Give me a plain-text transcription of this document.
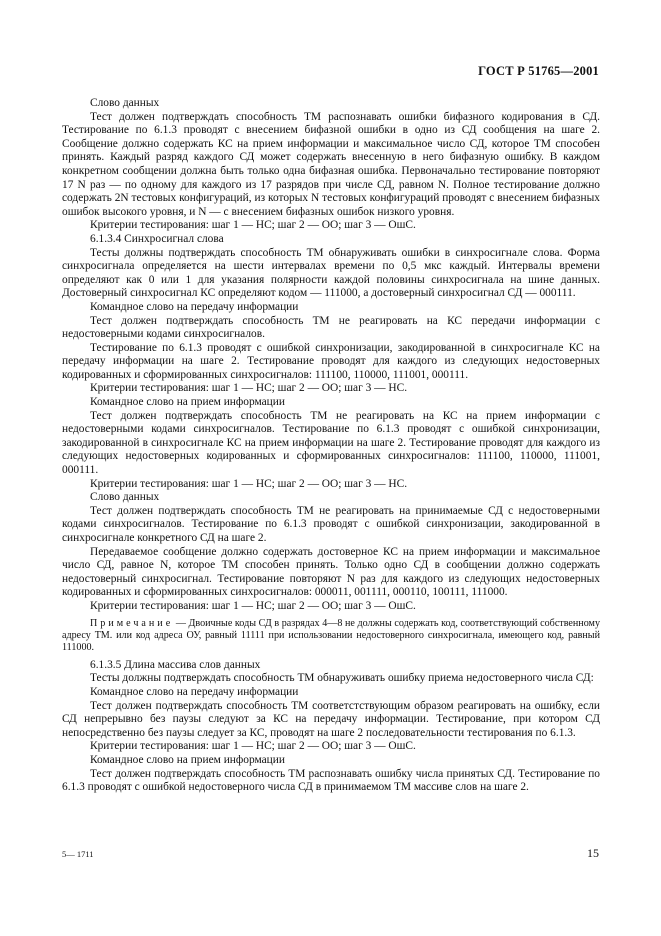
ГОСТ Р 51765—2001

Слово данных

Тест должен подтверждать способность ТМ распознавать ошибки бифазного кодирования в СД. Тестирование по 6.1.3 проводят с внесением бифазной ошибки в одно из СД сообщения на шаге 2. Сообщение должно содержать КС на прием информации и максимальное число СД, которое ТМ способен принять. Каждый разряд каждого СД может содержать внесенную в него бифазную ошибку. В каждом конкретном сообщении должна быть только одна бифазная ошибка. Первоначально тестирование повторяют 17 N раз — по одному для каждого из 17 разрядов при числе СД, равном N. Полное тестирование должно содержать 2N тестовых конфигураций, из которых N тестовых конфигураций проводят с внесением бифазных ошибок высокого уровня, и N — с внесением бифазных ошибок низкого уровня.

Критерии тестирования: шаг 1 — НС; шаг 2 — ОО; шаг 3 — ОшС.

6.1.3.4 Синхросигнал слова

Тесты должны подтверждать способность ТМ обнаруживать ошибки в синхросигнале слова. Форма синхросигнала определяется на шести интервалах времени по 0,5 мкс каждый. Интервалы времени определяют как 0 или 1 для указания полярности каждой половины синхросигнала на шине данных. Достоверный синхросигнал КС определяют кодом — 111000, а достоверный синхросигнал СД — 000111.

Командное слово на передачу информации

Тест должен подтверждать способность ТМ не реагировать на КС передачи информации с недостоверными кодами синхросигналов.

Тестирование по 6.1.3 проводят с ошибкой синхронизации, закодированной в синхросигнале КС на передачу информации на шаге 2. Тестирование проводят для каждого из следующих недостоверных кодированных и сформированных синхросигналов: 111100, 110000, 111001, 000111.

Критерии тестирования: шаг 1 — НС; шаг 2 — ОО; шаг 3 — НС.

Командное слово на прием информации

Тест должен подтверждать способность ТМ не реагировать на КС на прием информации с недостоверными кодами синхросигналов. Тестирование по 6.1.3 проводят с ошибкой синхронизации, закодированной в синхросигнале КС на прием информации на шаге 2. Тестирование проводят для каждого из следующих недостоверных кодированных и сформированных синхросигналов: 111100, 110000, 111001, 000111.

Критерии тестирования: шаг 1 — НС; шаг 2 — ОО; шаг 3 — НС.

Слово данных

Тест должен подтверждать способность ТМ не реагировать на принимаемые СД с недостоверными кодами синхросигналов. Тестирование по 6.1.3 проводят с ошибкой синхронизации, закодированной в синхросигнале конкретного СД на шаге 2.

Передаваемое сообщение должно содержать достоверное КС на прием информации и максимальное число СД, равное N, которое ТМ способен принять. Только одно СД в сообщении должно содержать недостоверный синхросигнал. Тестирование повторяют N раз для каждого из следующих недостоверных кодированных и сформированных синхросигналов: 000011, 001111, 000110, 100111, 111000.

Критерии тестирования: шаг 1 — НС; шаг 2 — ОО; шаг 3 — ОшС.

Примечание — Двоичные коды СД в разрядах 4—8 не должны содержать код, соответствующий собственному адресу ТМ. или код адреса ОУ, равный 11111 при использовании недостоверного синхросигнала, имеющего код, равный 111000.

6.1.3.5 Длина массива слов данных

Тесты должны подтверждать способность ТМ обнаруживать ошибку приема недостоверного числа СД:

Командное слово на передачу информации

Тест должен подтверждать способность ТМ соответстствующим образом реагировать на ошибку, если СД непрерывно без паузы следуют за КС на передачу информации. Тестирование, при котором СД непосредственно без паузы следует за КС, проводят на шаге 2 последовательности тестирования по 6.1.3.

Критерии тестирования: шаг 1 — НС; шаг 2 — ОО; шаг 3 — ОшС.

Командное слово на прием информации

Тест должен подтверждать способность ТМ распознавать ошибку числа принятых СД. Тестирование по 6.1.3 проводят с ошибкой недостоверного числа СД в принимаемом ТМ массиве слов на шаге 2.

5— 1711	15
